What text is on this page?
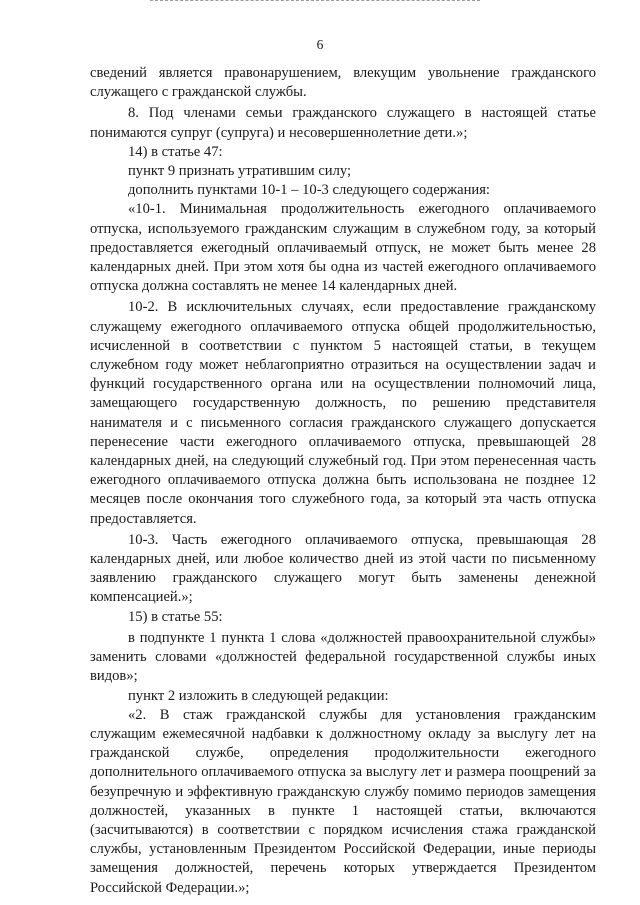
6

сведений является правонарушением, влекущим увольнение гражданского служащего с гражданской службы.

8. Под членами семьи гражданского служащего в настоящей статье понимаются супруг (супруга) и несовершеннолетние дети.»;

14) в статье 47:

пункт 9 признать утратившим силу;

дополнить пунктами 10-1 – 10-3 следующего содержания:

«10-1. Минимальная продолжительность ежегодного оплачиваемого отпуска, используемого гражданским служащим в служебном году, за который предоставляется ежегодный оплачиваемый отпуск, не может быть менее 28 календарных дней. При этом хотя бы одна из частей ежегодного оплачиваемого отпуска должна составлять не менее 14 календарных дней.

10-2. В исключительных случаях, если предоставление гражданскому служащему ежегодного оплачиваемого отпуска общей продолжительностью, исчисленной в соответствии с пунктом 5 настоящей статьи, в текущем служебном году может неблагоприятно отразиться на осуществлении задач и функций государственного органа или на осуществлении полномочий лица, замещающего государственную должность, по решению представителя нанимателя и с письменного согласия гражданского служащего допускается перенесение части ежегодного оплачиваемого отпуска, превышающей 28 календарных дней, на следующий служебный год. При этом перенесенная часть ежегодного оплачиваемого отпуска должна быть использована не позднее 12 месяцев после окончания того служебного года, за который эта часть отпуска предоставляется.

10-3. Часть ежегодного оплачиваемого отпуска, превышающая 28 календарных дней, или любое количество дней из этой части по письменному заявлению гражданского служащего могут быть заменены денежной компенсацией.»;

15) в статье 55:

в подпункте 1 пункта 1 слова «должностей правоохранительной службы» заменить словами «должностей федеральной государственной службы иных видов»;

пункт 2 изложить в следующей редакции:

«2. В стаж гражданской службы для установления гражданским служащим ежемесячной надбавки к должностному окладу за выслугу лет на гражданской службе, определения продолжительности ежегодного дополнительного оплачиваемого отпуска за выслугу лет и размера поощрений за безупречную и эффективную гражданскую службу помимо периодов замещения должностей, указанных в пункте 1 настоящей статьи, включаются (засчитываются) в соответствии с порядком исчисления стажа гражданской службы, установленным Президентом Российской Федерации, иные периоды замещения должностей, перечень которых утверждается Президентом Российской Федерации.»;
